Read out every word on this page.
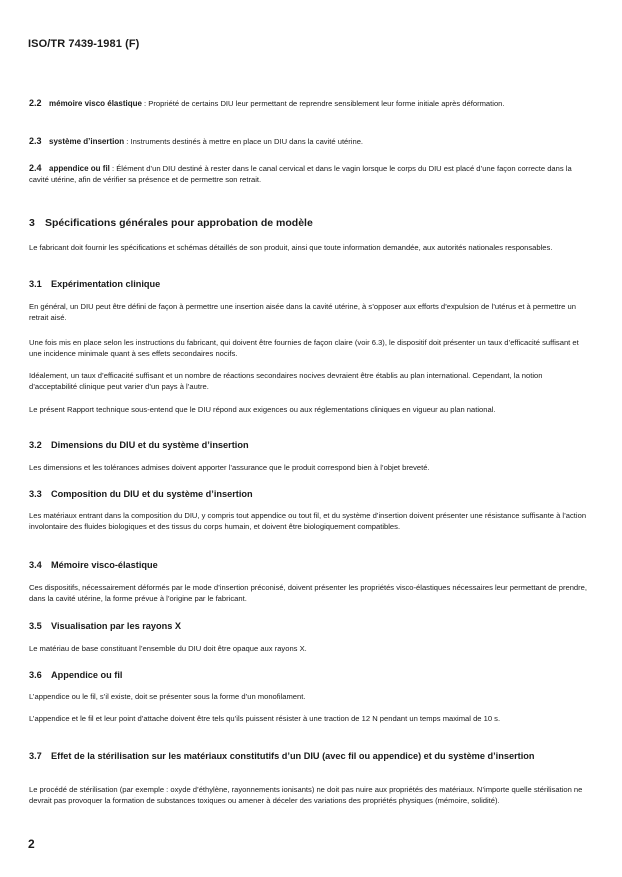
ISO/TR 7439-1981 (F)
2.2 mémoire visco élastique : Propriété de certains DIU leur permettant de reprendre sensiblement leur forme initiale après déformation.
2.3 système d’insertion : Instruments destinés à mettre en place un DIU dans la cavité utérine.
2.4 appendice ou fil : Élément d’un DIU destiné à rester dans le canal cervical et dans le vagin lorsque le corps du DIU est placé d’une façon correcte dans la cavité utérine, afin de vérifier sa présence et de permettre son retrait.
3 Spécifications générales pour approbation de modèle
Le fabricant doit fournir les spécifications et schémas détaillés de son produit, ainsi que toute information demandée, aux autorités nationales responsables.
3.1 Expérimentation clinique
En général, un DIU peut être défini de façon à permettre une insertion aisée dans la cavité utérine, à s’opposer aux efforts d’expulsion de l’utérus et à permettre un retrait aisé.
Une fois mis en place selon les instructions du fabricant, qui doivent être fournies de façon claire (voir 6.3), le dispositif doit présenter un taux d’efficacité suffisant et une incidence minimale quant à ses effets secondaires nocifs.
Idéalement, un taux d’efficacité suffisant et un nombre de réactions secondaires nocives devraient être établis au plan international. Cependant, la notion d’acceptabilité clinique peut varier d’un pays à l’autre.
Le présent Rapport technique sous-entend que le DIU répond aux exigences ou aux réglementations cliniques en vigueur au plan national.
3.2 Dimensions du DIU et du système d’insertion
Les dimensions et les tolérances admises doivent apporter l’assurance que le produit correspond bien à l’objet breveté.
3.3 Composition du DIU et du système d’insertion
Les matériaux entrant dans la composition du DIU, y compris tout appendice ou tout fil, et du système d’insertion doivent présenter une résistance suffisante à l’action involontaire des fluides biologiques et des tissus du corps humain, et doivent être biologiquement compatibles.
3.4 Mémoire visco-élastique
Ces dispositifs, nécessairement déformés par le mode d’insertion préconisé, doivent présenter les propriétés visco-élastiques nécessaires leur permettant de prendre, dans la cavité utérine, la forme prévue à l’origine par le fabricant.
3.5 Visualisation par les rayons X
Le matériau de base constituant l’ensemble du DIU doit être opaque aux rayons X.
3.6 Appendice ou fil
L’appendice ou le fil, s’il existe, doit se présenter sous la forme d’un monofilament.
L’appendice et le fil et leur point d’attache doivent être tels qu’ils puissent résister à une traction de 12 N pendant un temps maximal de 10 s.
3.7 Effet de la stérilisation sur les matériaux constitutifs d’un DIU (avec fil ou appendice) et du système d’insertion
Le procédé de stérilisation (par exemple : oxyde d’éthylène, rayonnements ionisants) ne doit pas nuire aux propriétés des matériaux. N’importe quelle stérilisation ne devrait pas provoquer la formation de substances toxiques ou amener à déceler des variations des propriétés physiques (mémoire, solidité).
2
